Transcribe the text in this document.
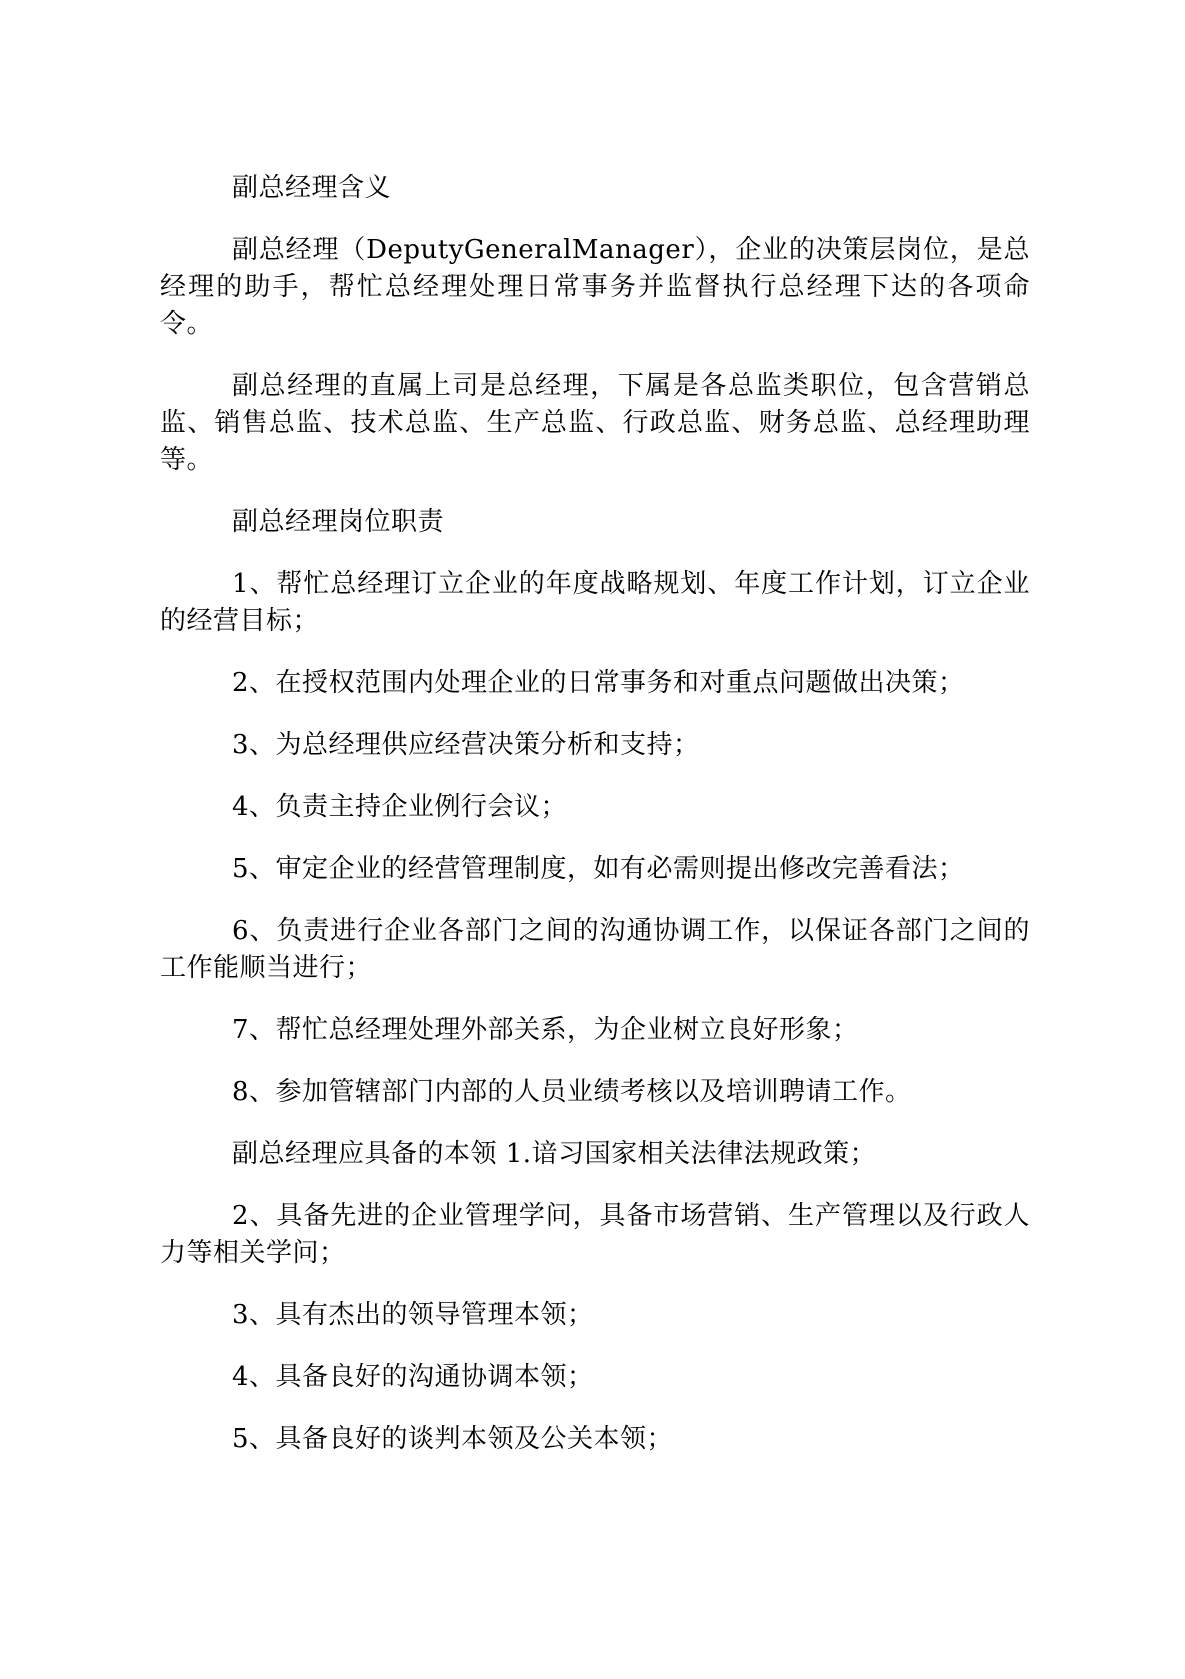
副总经理含义

副总经理（DeputyGeneralManager），企业的决策层岗位，是总经理的助手，帮忙总经理处理日常事务并监督执行总经理下达的各项命令。

副总经理的直属上司是总经理，下属是各总监类职位，包含营销总监、销售总监、技术总监、生产总监、行政总监、财务总监、总经理助理等。

副总经理岗位职责

1、帮忙总经理订立企业的年度战略规划、年度工作计划，订立企业的经营目标；

2、在授权范围内处理企业的日常事务和对重点问题做出决策；

3、为总经理供应经营决策分析和支持；

4、负责主持企业例行会议；

5、审定企业的经营管理制度，如有必需则提出修改完善看法；

6、负责进行企业各部门之间的沟通协调工作，以保证各部门之间的工作能顺当进行；

7、帮忙总经理处理外部关系，为企业树立良好形象；

8、参加管辖部门内部的人员业绩考核以及培训聘请工作。

副总经理应具备的本领 1.谙习国家相关法律法规政策；

2、具备先进的企业管理学问，具备市场营销、生产管理以及行政人力等相关学问；

3、具有杰出的领导管理本领；

4、具备良好的沟通协调本领；

5、具备良好的谈判本领及公关本领；
